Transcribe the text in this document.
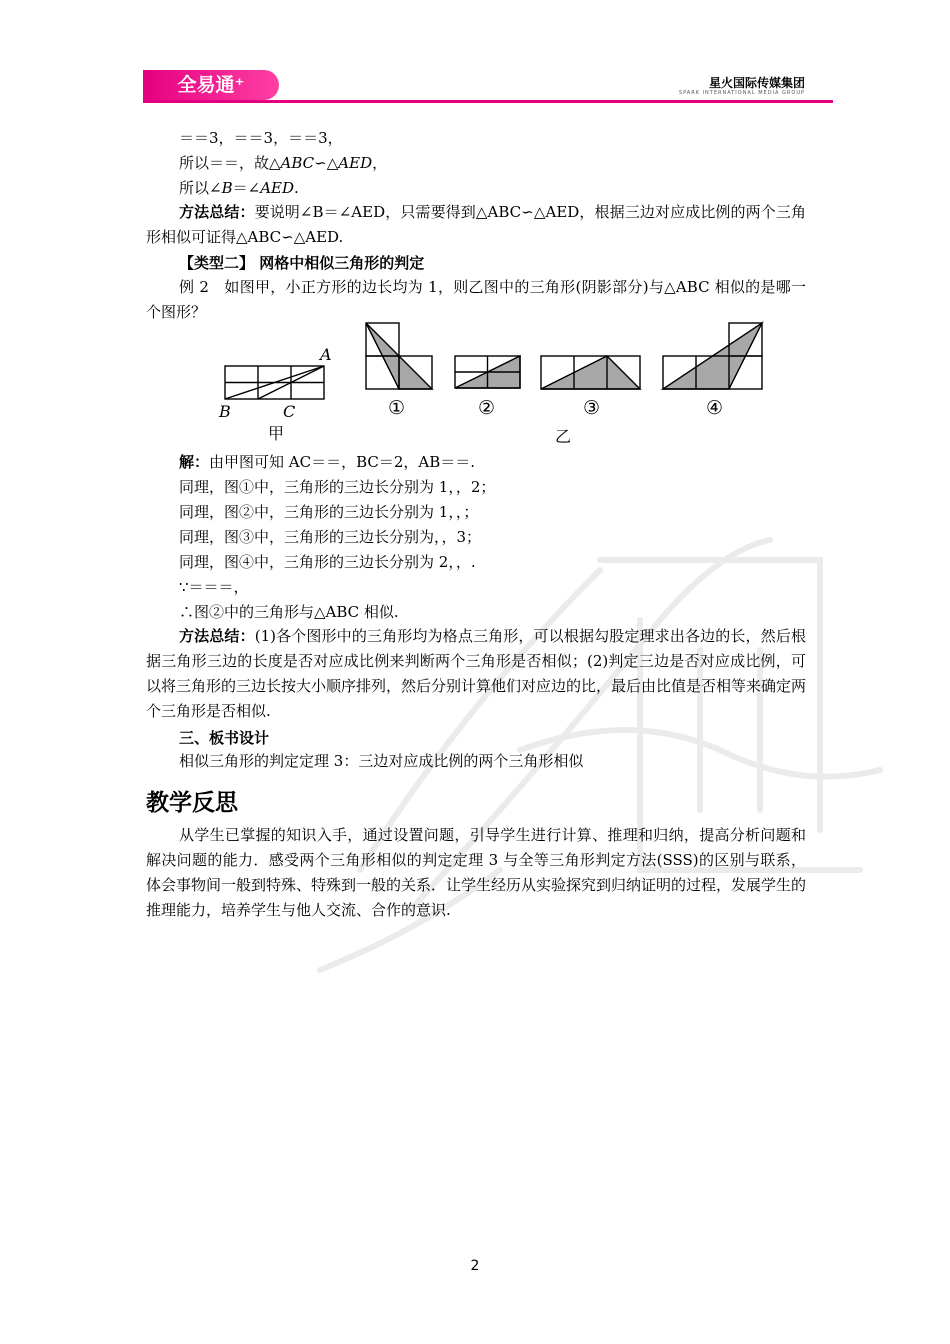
全易通⁺	星火国际传媒集团
SPARK INTERNATIONAL MEDIA GROUP
＝＝3，＝＝3，＝＝3，
所以＝＝，故△ABC∽△AED，
所以∠B＝∠AED.
方法总结：要说明∠B＝∠AED，只需要得到△ABC∽△AED，根据三边对应成比例的两个三角形相似可证得△ABC∽△AED.
【类型二】 网格中相似三角形的判定
例 2　如图甲，小正方形的边长均为 1，则乙图中的三角形(阴影部分)与△ABC 相似的是哪一个图形？
A
B	C
甲
①	②	③	④
乙
解：由甲图可知 AC＝＝，BC＝2，AB＝＝.
同理，图①中，三角形的三边长分别为 1，，2；
同理，图②中，三角形的三边长分别为 1，，；
同理，图③中，三角形的三边长分别为，，3；
同理，图④中，三角形的三边长分别为 2，，.
∵＝＝＝，
∴图②中的三角形与△ABC 相似.
方法总结：(1)各个图形中的三角形均为格点三角形，可以根据勾股定理求出各边的长，然后根据三角形三边的长度是否对应成比例来判断两个三角形是否相似；(2)判定三边是否对应成比例，可以将三角形的三边长按大小顺序排列，然后分别计算他们对应边的比，最后由比值是否相等来确定两个三角形是否相似.
三、板书设计
相似三角形的判定定理 3：三边对应成比例的两个三角形相似
教学反思
从学生已掌握的知识入手，通过设置问题，引导学生进行计算、推理和归纳，提高分析问题和解决问题的能力．感受两个三角形相似的判定定理 3 与全等三角形判定方法(SSS)的区别与联系，体会事物间一般到特殊、特殊到一般的关系．让学生经历从实验探究到归纳证明的过程，发展学生的推理能力，培养学生与他人交流、合作的意识.
2
